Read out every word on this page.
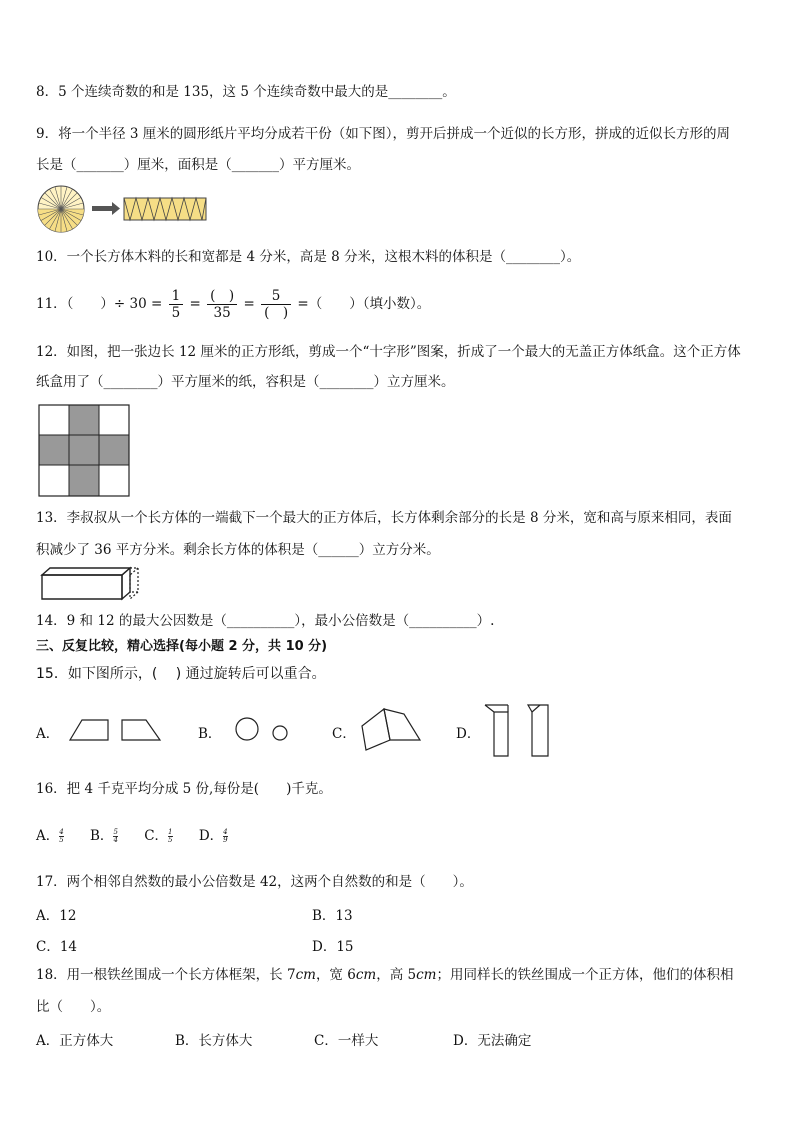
8．5 个连续奇数的和是 135，这 5 个连续奇数中最大的是________。
9．将一个半径 3 厘米的圆形纸片平均分成若干份（如下图），剪开后拼成一个近似的长方形，拼成的近似长方形的周
长是（_______）厘米，面积是（_______）平方厘米。
10．一个长方体木料的长和宽都是 4 分米，高是 8 分米，这根木料的体积是（________）。
11．（　　）÷ $30 = \frac{1}{5} = \frac{( )}{35} = \frac{5}{( )}$ =（　　）（填小数）。
12．如图，把一张边长 12 厘米的正方形纸，剪成一个“十字形”图案，折成了一个最大的无盖正方体纸盒。这个正方体
纸盒用了（________）平方厘米的纸，容积是（________）立方厘米。
13．李叔叔从一个长方体的一端截下一个最大的正方体后，长方体剩余部分的长是 8 分米，宽和高与原来相同，表面
积减少了 36 平方分米。剩余长方体的体积是（______）立方分米。
14．9 和 12 的最大公因数是（__________），最小公倍数是（__________）.
三、反复比较，精心选择(每小题 2 分，共 10 分)
15．如下图所示，(　 ) 通过旋转后可以重合。
A．	B．	C．	D．
16．把 4 千克平均分成 5 份,每份是(　　)千克。
A． $\frac{4}{5}$ B． $\frac{5}{4}$ C． $\frac{1}{5}$ D． $\frac{4}{9}$
17．两个相邻自然数的最小公倍数是 42，这两个自然数的和是（　　）。
A．12	B．13
C．14	D．15
18．用一根铁丝围成一个长方体框架，长 7cm，宽 6cm，高 5cm；用同样长的铁丝围成一个正方体，他们的体积相
比（　　）。
A．正方体大	B．长方体大	C．一样大	D．无法确定
